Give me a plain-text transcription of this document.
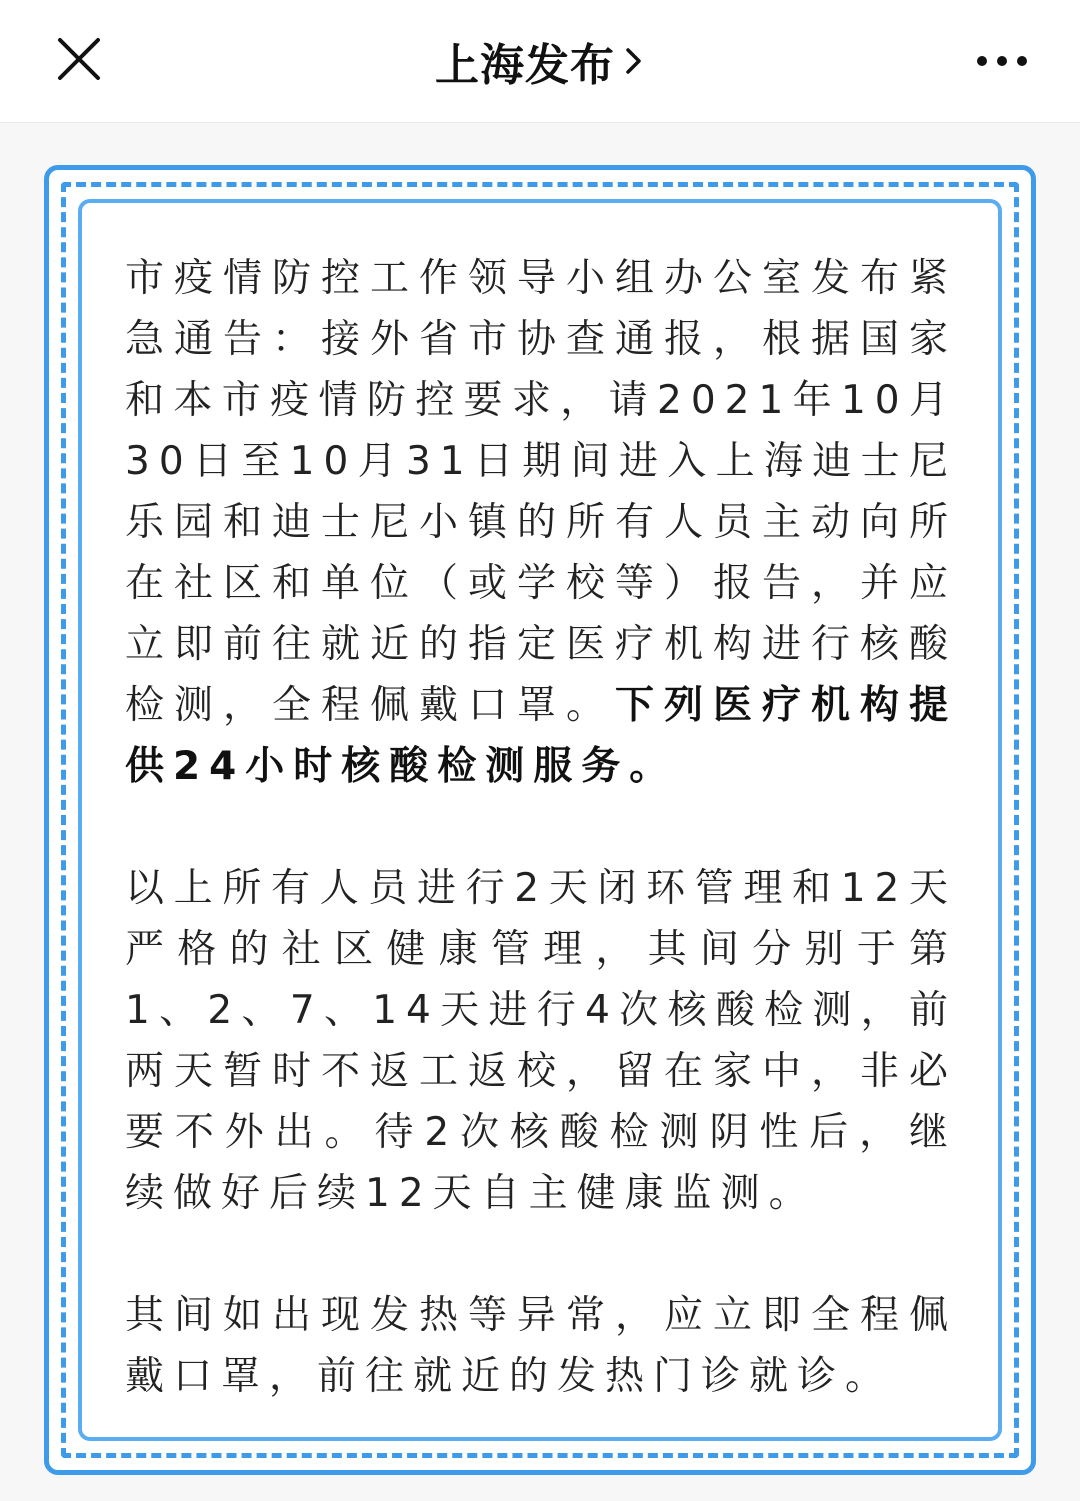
上海发布

市疫情防控工作领导小组办公室发布紧急通告：接外省市协查通报，根据国家和本市疫情防控要求，请2021年10月30日至10月31日期间进入上海迪士尼乐园和迪士尼小镇的所有人员主动向所在社区和单位（或学校等）报告，并应立即前往就近的指定医疗机构进行核酸检测，全程佩戴口罩。下列医疗机构提供24小时核酸检测服务。

以上所有人员进行2天闭环管理和12天严格的社区健康管理，其间分别于第1、2、7、14天进行4次核酸检测，前两天暂时不返工返校，留在家中，非必要不外出。待2次核酸检测阴性后，继续做好后续12天自主健康监测。

其间如出现发热等异常，应立即全程佩戴口罩，前往就近的发热门诊就诊。
